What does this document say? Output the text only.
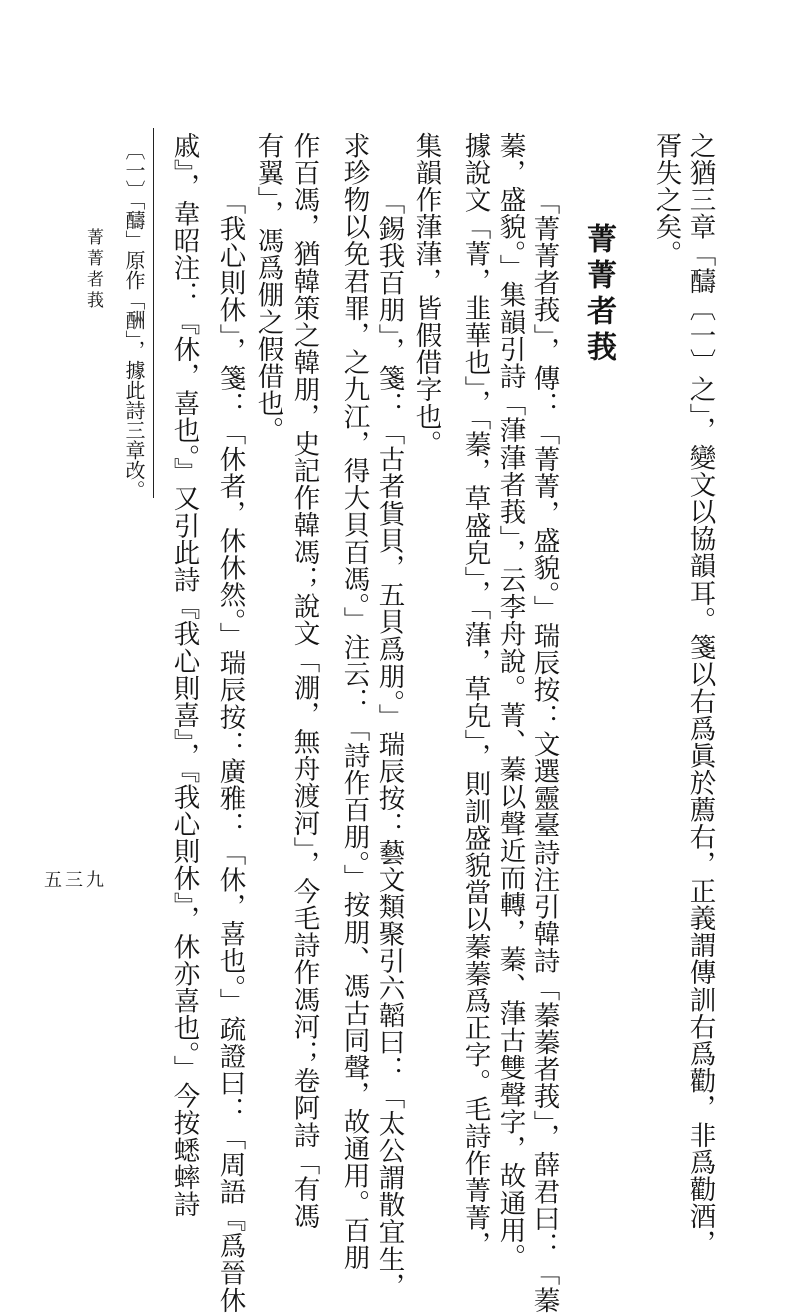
之猶三章「醻〔一〕之」，變文以協韻耳。箋以右爲眞於薦右，正義謂傳訓右爲勸，非爲勸酒，
胥失之矣。
菁菁者莪
「菁菁者莪」，傳：「菁菁，盛貌。」瑞辰按：文選靈臺詩注引韓詩「蓁蓁者莪」，薛君曰：「蓁
蓁，盛貌。」集韻引詩「葏葏者莪」，云李舟說。菁、蓁以聲近而轉，蓁、葏古雙聲字，故通用。
據說文「菁，韭華也」，「蓁，草盛皃」，「葏，草皃」，則訓盛貌當以蓁蓁爲正字。毛詩作菁菁，
集韻作葏葏，皆假借字也。
「錫我百朋」，箋：「古者貨貝，五貝爲朋。」瑞辰按：藝文類聚引六韜曰：「太公謂散宜生，
求珍物以免君罪，之九江，得大貝百馮。」注云：「詩作百朋。」按朋、馮古同聲，故通用。百朋
作百馮，猶韓策之韓朋，史記作韓馮；說文「淜，無舟渡河」，今毛詩作馮河；卷阿詩「有馮
有翼」，馮爲倗之假借也。
「我心則休」，箋：「休者，休休然。」瑞辰按：廣雅：「休，喜也。」疏證曰：「周語『爲晉休
戚』，韋昭注：『休，喜也。』又引此詩『我心則喜』，『我心則休』，休亦喜也。」今按蟋蟀詩
〔一〕「醻」原作「酬」，據此詩三章改。
菁菁者莪
五三九
